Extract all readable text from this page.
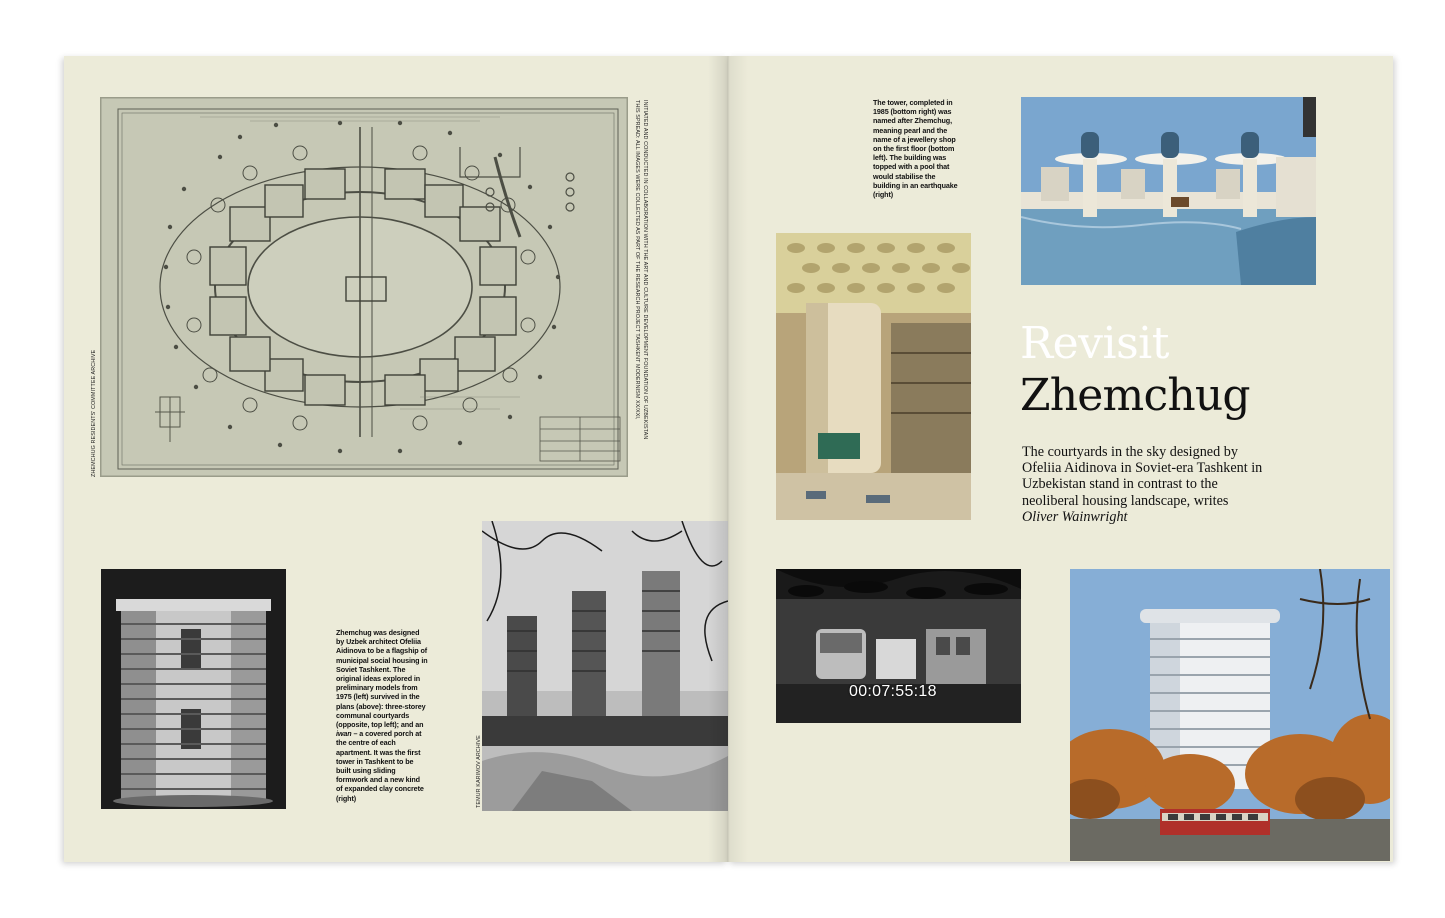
ZHEMCHUG RESIDENTS' COMMITTEE ARCHIVE	THIS SPREAD: ALL IMAGES WERE COLLECTED AS PART OF THE RESEARCH PROJECT TASHKENT MODERNISM XX/XXI, INITIATED AND CONDUCTED IN COLLABORATION WITH THE ART AND CULTURE DEVELOPMENT FOUNDATION OF UZBEKISTAN
Zhemchug was designed by Uzbek architect Ofeliia Aidinova to be a flagship of municipal social housing in Soviet Tashkent. The original ideas explored in preliminary models from 1975 (left) survived in the plans (above): three-storey communal courtyards (opposite, top left); and an iwan – a covered porch at the centre of each apartment. It was the first tower in Tashkent to be built using sliding formwork and a new kind of expanded clay concrete (right)	TEMUR KARIMOV ARCHIVE
The tower, completed in 1985 (bottom right) was named after Zhemchug, meaning pearl and the name of a jewellery shop on the first floor (bottom left). The building was topped with a pool that would stabilise the building in an earthquake (right)
Revisit
Zhemchug
The courtyards in the sky designed by Ofeliia Aidinova in Soviet-era Tashkent in Uzbekistan stand in contrast to the neoliberal housing landscape, writes Oliver Wainwright
00:07:55:18
